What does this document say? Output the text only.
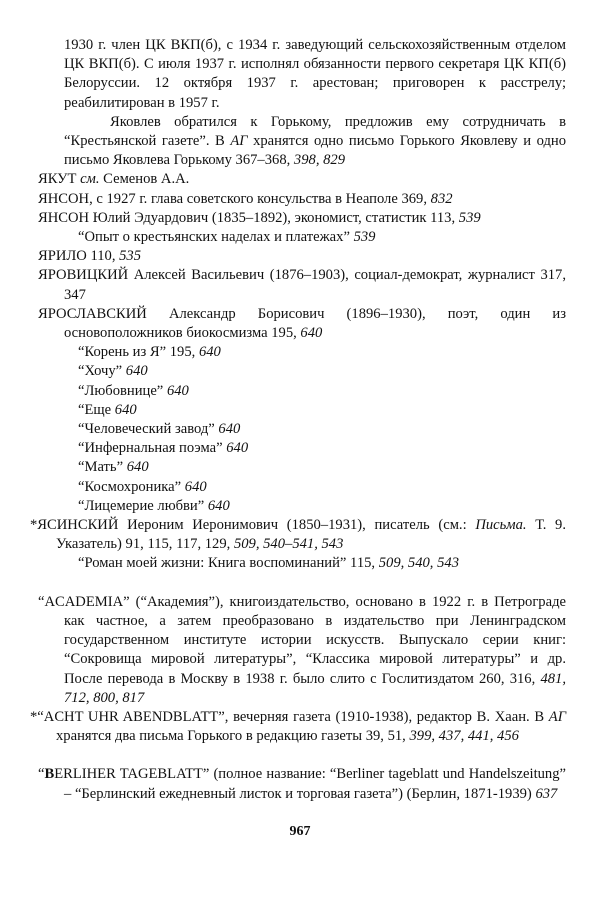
1930 г. член ЦК ВКП(б), с 1934 г. заведующий сельскохозяйственным отделом ЦК ВКП(б). С июля 1937 г. исполнял обязанности первого секретаря ЦК КП(б) Белоруссии. 12 октября 1937 г. арестован; приговорен к расстрелу; реабилитирован в 1957 г.

Яковлев обратился к Горькому, предложив ему сотрудничать в “Крестьянской газете”. В АГ хранятся одно письмо Горького Яковлеву и одно письмо Яковлева Горькому 367–368, 398, 829

ЯКУТ см. Семенов А.А.

ЯНСОН, с 1927 г. глава советского консульства в Неаполе 369, 832

ЯНСОН Юлий Эдуардович (1835–1892), экономист, статистик 113, 539

“Опыт о крестьянских наделах и платежах” 539

ЯРИЛО 110, 535

ЯРОВИЦКИЙ Алексей Васильевич (1876–1903), социал-демократ, журналист 317, 347

ЯРОСЛАВСКИЙ Александр Борисович (1896–1930), поэт, один из основоположников биокосмизма 195, 640

“Корень из Я” 195, 640

“Хочу” 640

“Любовнице” 640

“Еще 640

“Человеческий завод” 640

“Инфернальная поэма” 640

“Мать” 640

“Космохроника” 640

“Лицемерие любви” 640

*ЯСИНСКИЙ Иероним Иеронимович (1850–1931), писатель (см.: Письма. Т. 9. Указатель) 91, 115, 117, 129, 509, 540–541, 543

“Роман моей жизни: Книга воспоминаний” 115, 509, 540, 543

“ACADEMIA” (“Академия”), книгоиздательство, основано в 1922 г. в Петрограде как частное, а затем преобразовано в издательство при Ленинградском государственном институте истории искусств. Выпускало серии книг: “Сокровища мировой литературы”, “Классика мировой литературы” и др. После перевода в Москву в 1938 г. было слито с Гослитиздатом 260, 316, 481, 712, 800, 817

*“ACHT UHR ABENDBLATT”, вечерняя газета (1910-1938), редактор В. Хаан. В АГ хранятся два письма Горького в редакцию газеты 39, 51, 399, 437, 441, 456

“BERLIHER TAGEBLATT” (полное название: “Berliner tageblatt und Handelszeitung” – “Берлинский ежедневный листок и торговая газета”) (Берлин, 1871-1939) 637

967
